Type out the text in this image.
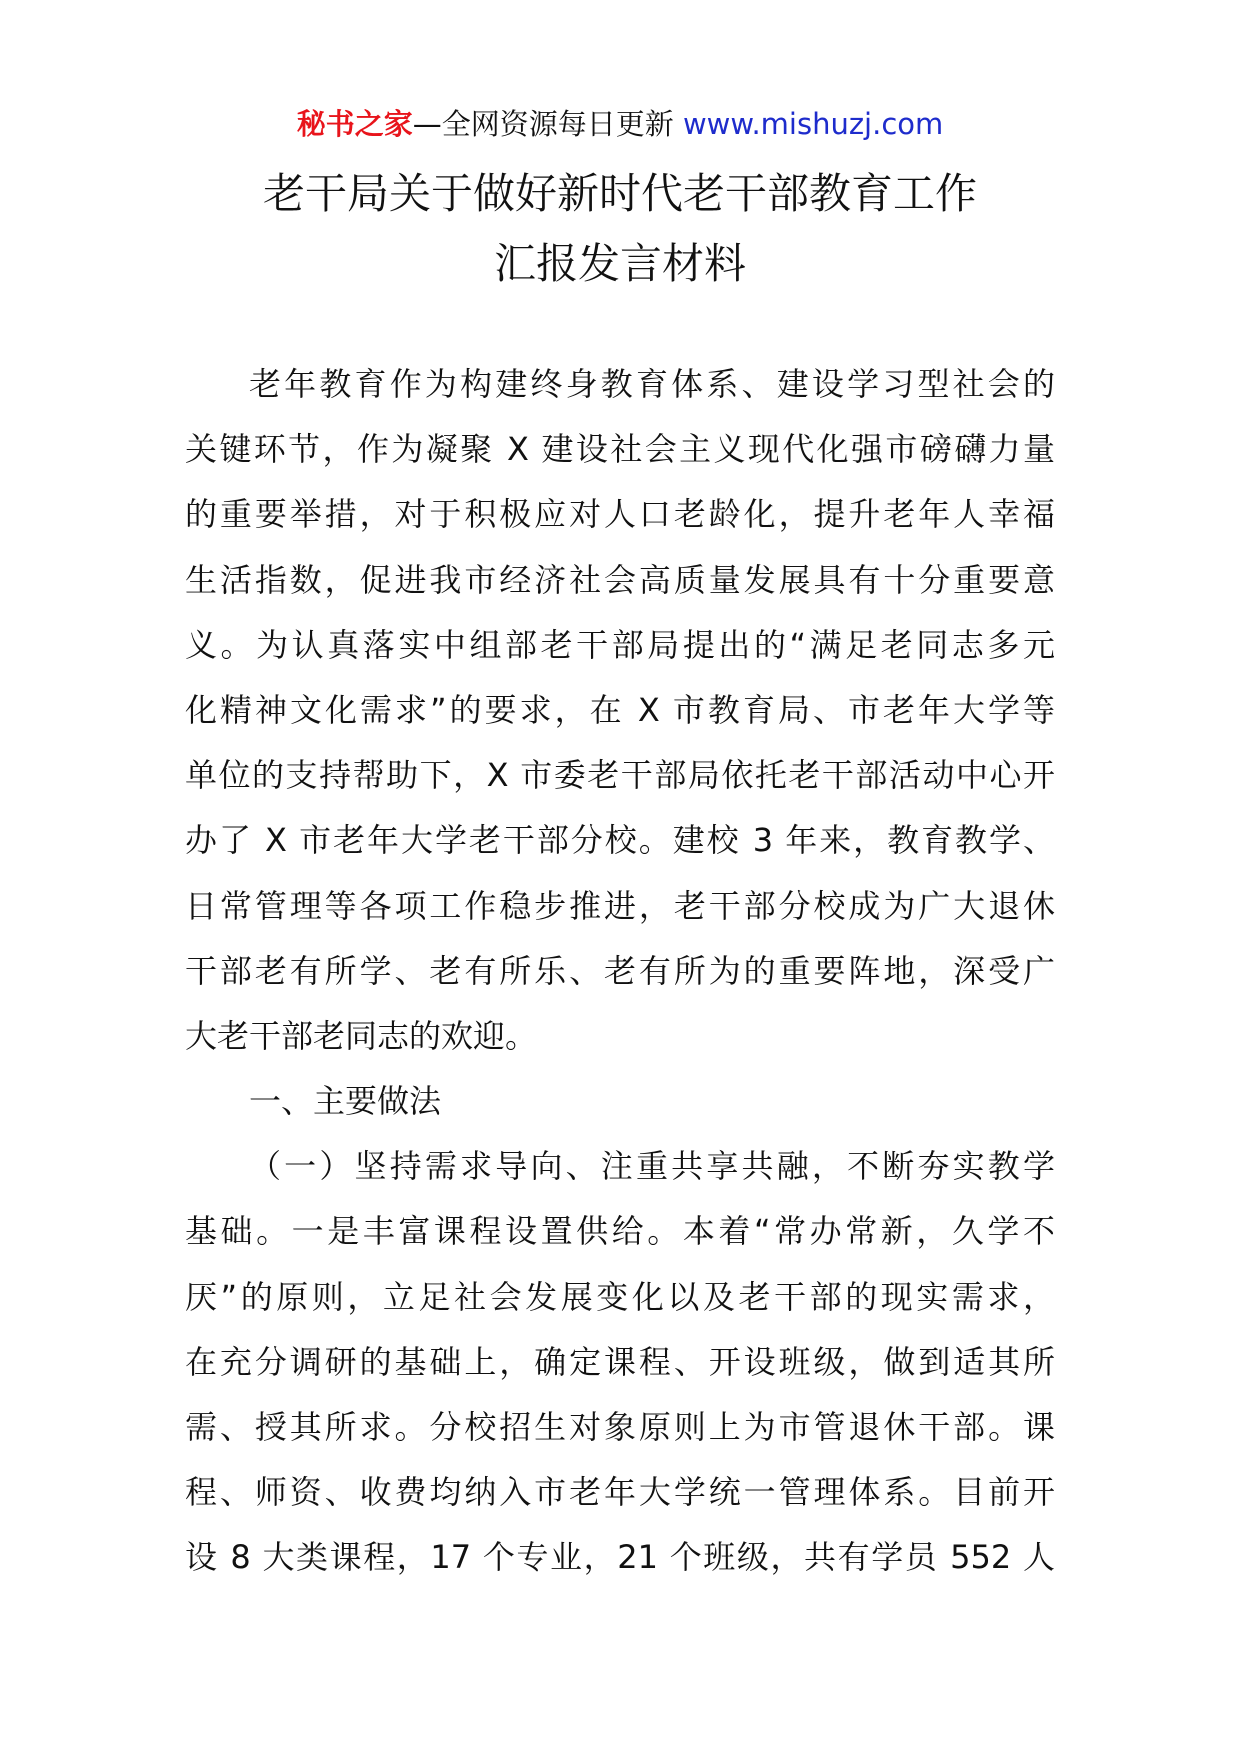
秘书之家—全网资源每日更新 www.mishuzj.com
老干局关于做好新时代老干部教育工作
汇报发言材料
老年教育作为构建终身教育体系、建设学习型社会的
关键环节，作为凝聚 X 建设社会主义现代化强市磅礴力量
的重要举措，对于积极应对人口老龄化，提升老年人幸福
生活指数，促进我市经济社会高质量发展具有十分重要意
义。为认真落实中组部老干部局提出的“满足老同志多元
化精神文化需求”的要求，在 X 市教育局、市老年大学等
单位的支持帮助下，X 市委老干部局依托老干部活动中心开
办了 X 市老年大学老干部分校。建校 3 年来，教育教学、
日常管理等各项工作稳步推进，老干部分校成为广大退休
干部老有所学、老有所乐、老有所为的重要阵地，深受广
大老干部老同志的欢迎。
一、主要做法
（一）坚持需求导向、注重共享共融，不断夯实教学
基础。一是丰富课程设置供给。本着“常办常新，久学不
厌”的原则，立足社会发展变化以及老干部的现实需求，
在充分调研的基础上，确定课程、开设班级，做到适其所
需、授其所求。分校招生对象原则上为市管退休干部。课
程、师资、收费均纳入市老年大学统一管理体系。目前开
设 8 大类课程，17 个专业，21 个班级，共有学员 552 人
